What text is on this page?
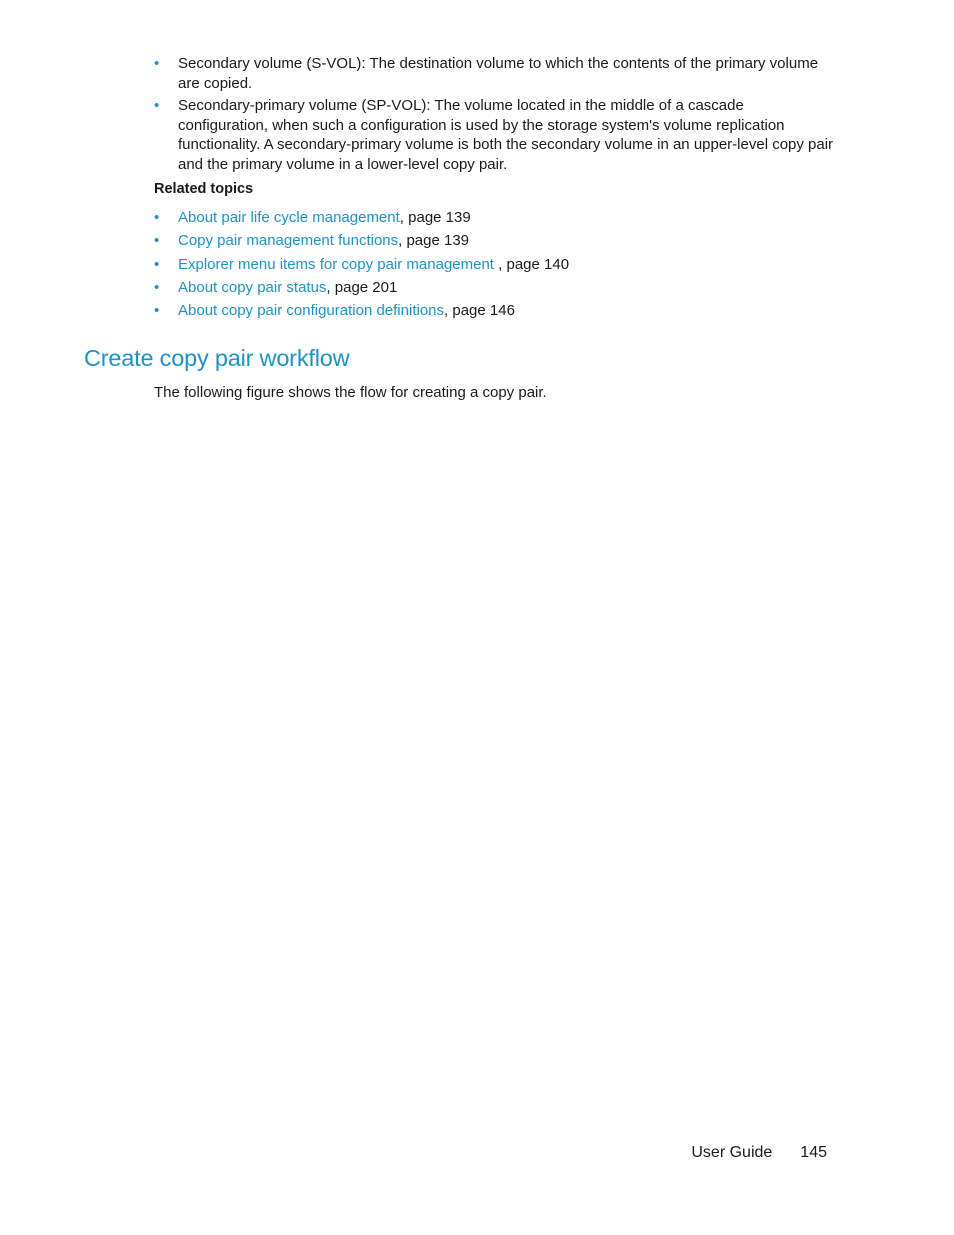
• Secondary volume (S-VOL): The destination volume to which the contents of the primary volume are copied.
• Secondary-primary volume (SP-VOL): The volume located in the middle of a cascade configuration, when such a configuration is used by the storage system's volume replication functionality. A secondary-primary volume is both the secondary volume in an upper-level copy pair and the primary volume in a lower-level copy pair.
Related topics
• About pair life cycle management, page 139
• Copy pair management functions, page 139
• Explorer menu items for copy pair management , page 140
• About copy pair status, page 201
• About copy pair configuration definitions, page 146
Create copy pair workflow

The following figure shows the flow for creating a copy pair.

User Guide 145
